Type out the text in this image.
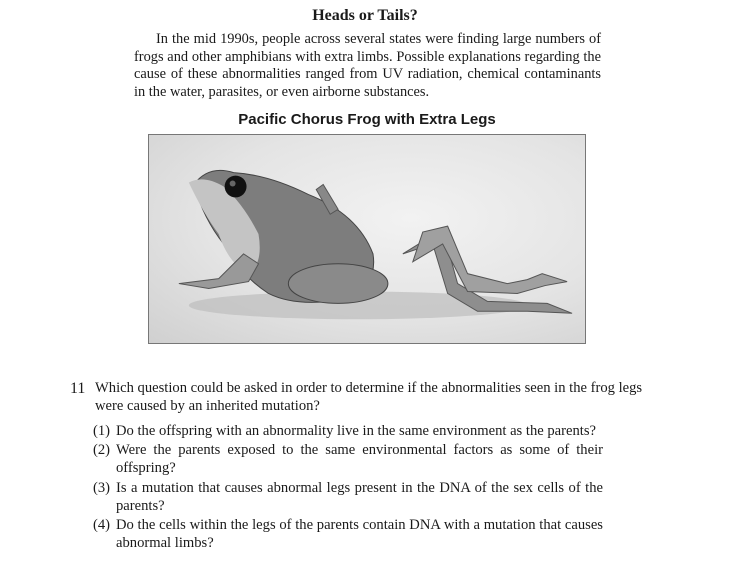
Heads or Tails?
In the mid 1990s, people across several states were finding large numbers of frogs and other amphibians with extra limbs. Possible explanations regarding the cause of these abnormalities ranged from UV radiation, chemical contaminants in the water, parasites, or even airborne substances.
Pacific Chorus Frog with Extra Legs
11 Which question could be asked in order to determine if the abnormalities seen in the frog legs were caused by an inherited mutation?
(1) Do the offspring with an abnormality live in the same environment as the parents?
(2) Were the parents exposed to the same environmental factors as some of their offspring?
(3) Is a mutation that causes abnormal legs present in the DNA of the sex cells of the parents?
(4) Do the cells within the legs of the parents contain DNA with a mutation that causes abnormal limbs?
